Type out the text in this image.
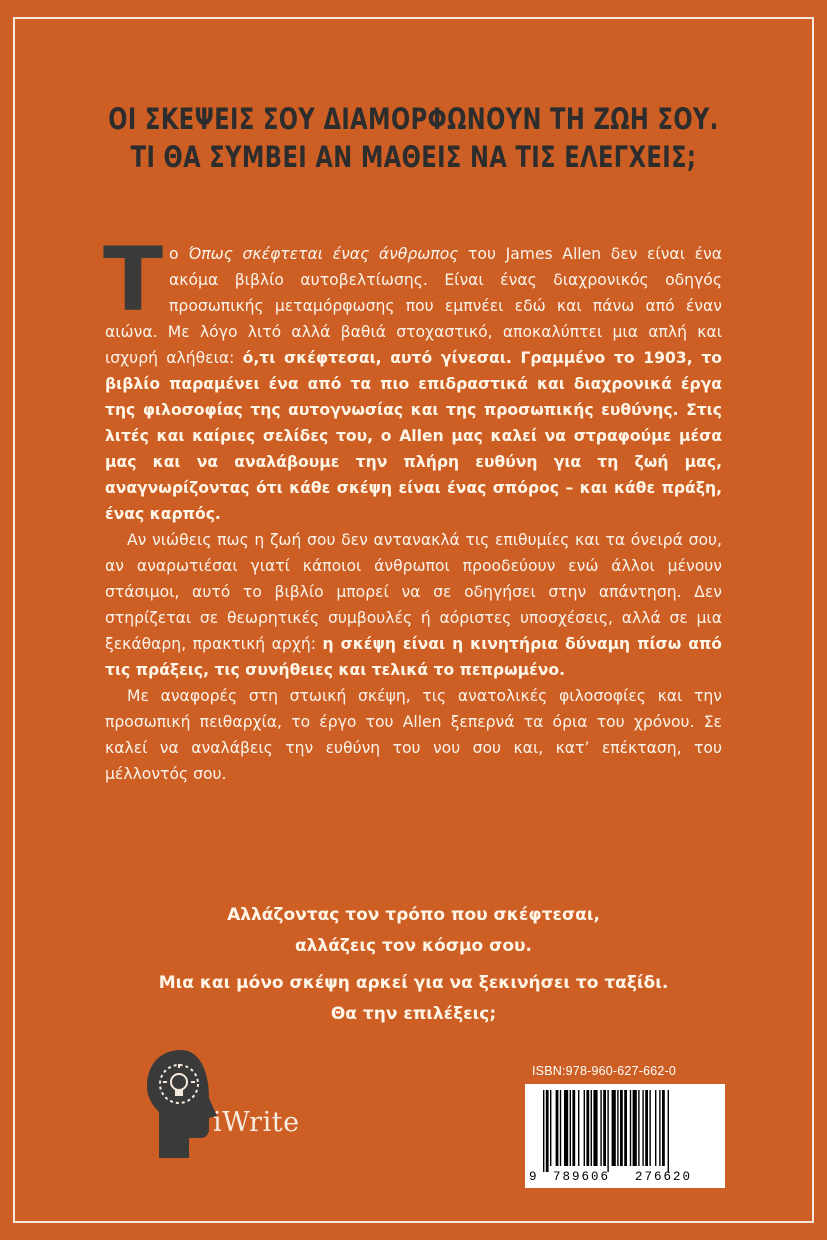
ΟΙ ΣΚΕΨΕΙΣ ΣΟΥ ΔΙΑΜΟΡΦΩΝΟΥΝ ΤΗ ΖΩΗ ΣΟΥ.
ΤΙ ΘΑ ΣΥΜΒΕΙ ΑΝ ΜΑΘΕΙΣ ΝΑ ΤΙΣ ΕΛΕΓΧΕΙΣ;

Tο Όπως σκέφτεται ένας άνθρωπος του James Allen δεν είναι ένα ακόμα βιβλίο αυτοβελτίωσης. Είναι ένας διαχρονικός οδηγός προσωπικής μεταμόρφωσης που εμπνέει εδώ και πάνω από έναν αιώνα. Με λόγο λιτό αλλά βαθιά στοχαστικό, αποκαλύπτει μια απλή και ισχυρή αλήθεια: ό,τι σκέφτεσαι, αυτό γίνεσαι. Γραμμένο το 1903, το βιβλίο παραμένει ένα από τα πιο επιδραστικά και διαχρονικά έργα της φιλοσοφίας της αυτογνωσίας και της προσωπικής ευθύνης. Στις λιτές και καίριες σελίδες του, ο Allen μας καλεί να στραφούμε μέσα μας και να αναλάβουμε την πλήρη ευθύνη για τη ζωή μας, αναγνωρίζοντας ότι κάθε σκέψη είναι ένας σπόρος – και κάθε πράξη, ένας καρπός.

Αν νιώθεις πως η ζωή σου δεν αντανακλά τις επιθυμίες και τα όνειρά σου, αν αναρωτιέσαι γιατί κάποιοι άνθρωποι προοδεύουν ενώ άλλοι μένουν στάσιμοι, αυτό το βιβλίο μπορεί να σε οδηγήσει στην απάντηση. Δεν στηρίζεται σε θεωρητικές συμβουλές ή αόριστες υποσχέσεις, αλλά σε μια ξεκάθαρη, πρακτική αρχή: η σκέψη είναι η κινητήρια δύναμη πίσω από τις πράξεις, τις συνήθειες και τελικά το πεπρωμένο.

Με αναφορές στη στωική σκέψη, τις ανατολικές φιλοσοφίες και την προσωπική πειθαρχία, το έργο του Allen ξεπερνά τα όρια του χρόνου. Σε καλεί να αναλάβεις την ευθύνη του νου σου και, κατ’ επέκταση, του μέλλοντός σου.

Αλλάζοντας τον τρόπο που σκέφτεσαι,
αλλάζεις τον κόσμο σου.
Μια και μόνο σκέψη αρκεί για να ξεκινήσει το ταξίδι.
Θα την επιλέξεις;
iWrite
ISBN:978-960-627-662-0
9 789606 276620
